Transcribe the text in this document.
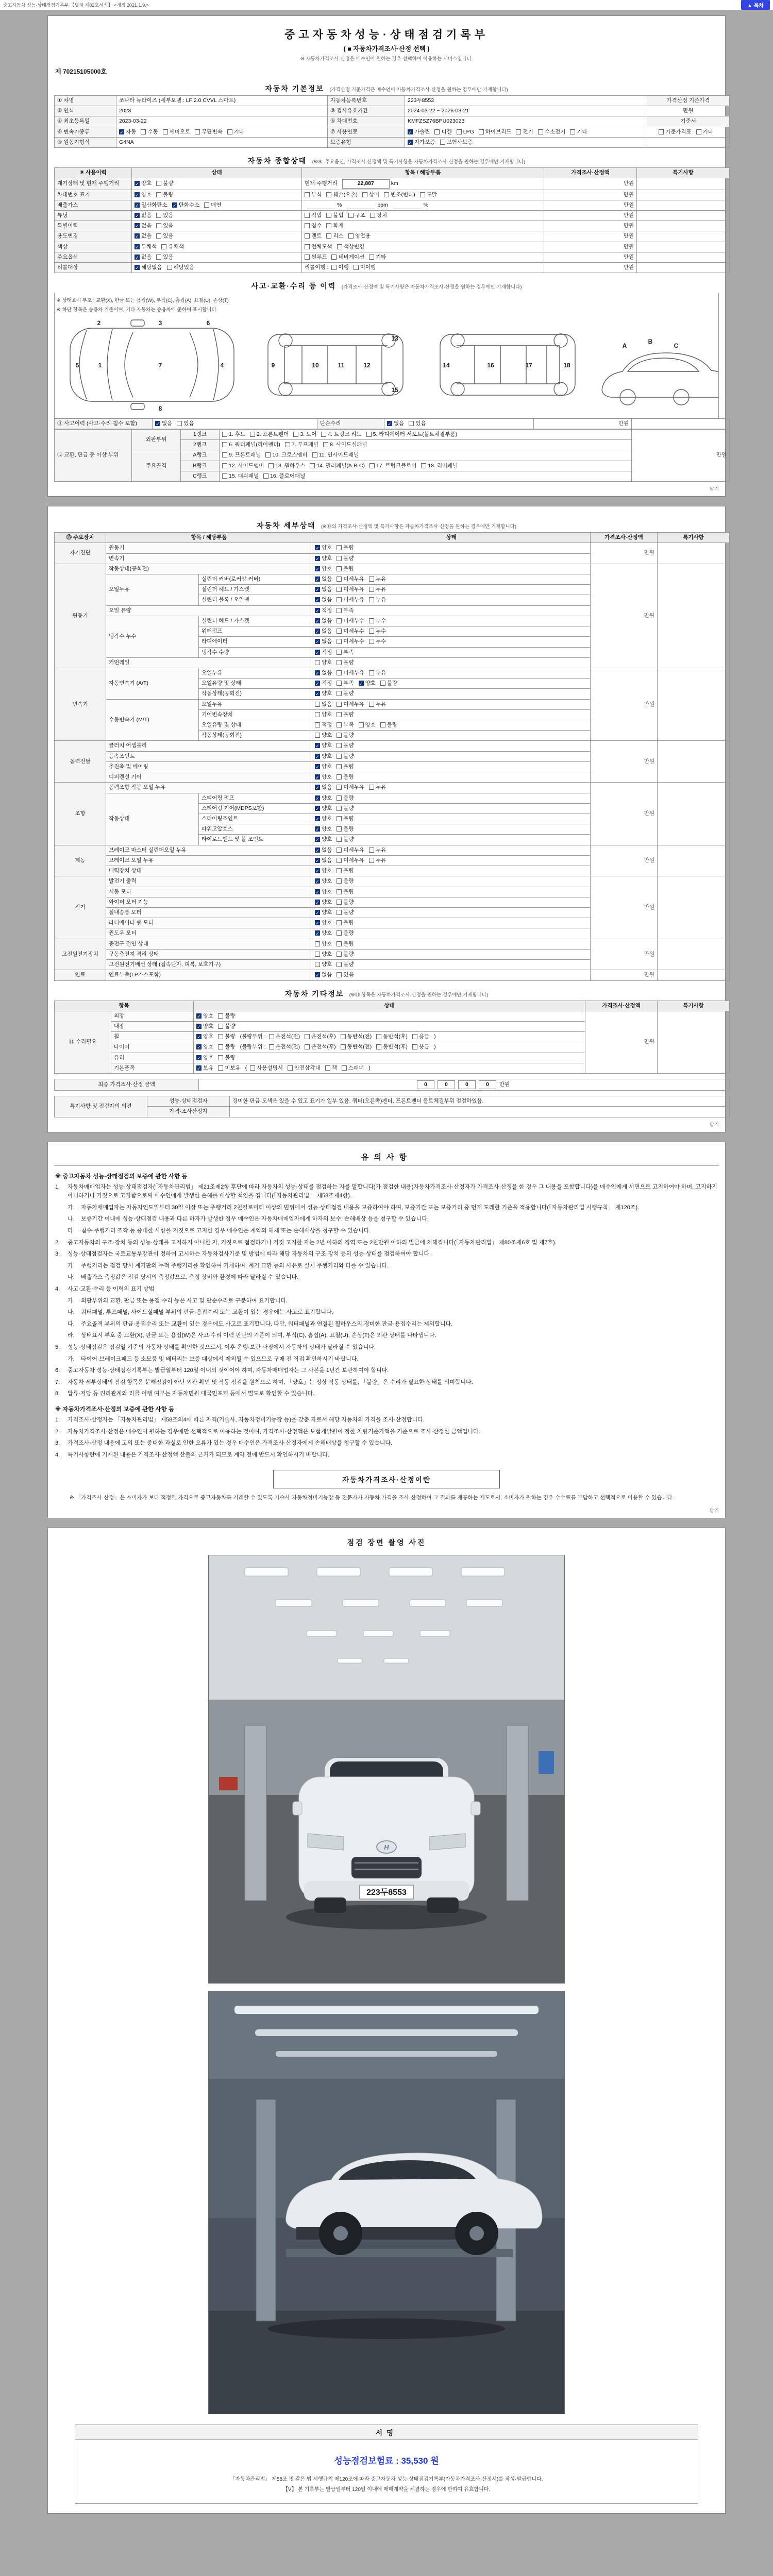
중고자동차 성능·상태점검기록부 【별지 제82호서식】 <개정 2021.1.9.>	▲ 목차
중고자동차성능·상태점검기록부
( ■ 자동차가격조사·산정 선택 )
※ 자동차가격조사·산정은 매수인이 원하는 경우 선택하여 이용하는 서비스입니다.
제 70215105000호
자동차 기본정보 (가격산정 기준가격은 매수인이 자동차가격조사·산정을 원하는 경우에만 기재합니다)
① 차명	쏘나타 뉴라이즈 (세부모델 : LF 2.0 CVVL 스마트)	자동차등록번호	223두8553	가격산정 기준가격
② 연식	2023	③ 검사유효기간	2024-03-22 ~ 2026-03-21	만원
④ 최초등록일	2023-03-22	⑤ 차대번호	KMFZSZ76BPU023023	기준서
⑥ 변속기종류	✓ 자동 수동 세미오토 무단변속 기타	⑦ 사용연료	✓ 가솔린 디젤 LPG 하이브리드 전기 수소전기 기타	기준가격표 기타
⑧ 원동기형식	G4NA	보증유형	✓ 자가보증 보험사보증	
자동차 종합상태 (※⑨, 주요옵션, 가격조사·산정액 및 특기사항은 자동차가격조사·산정을 원하는 경우에만 기재합니다)
⑨ 사용이력	상태	항목 / 해당부품	가격조사·산정액	특기사항
계기상태 및 현재 주행거리	✓ 양호 불량	현재 주행거리 22,887 km	만원	
차대번호 표기	✓ 양호 불량	부식 훼손(오손) 상이 변조(변타) 도말	만원	
배출가스	✓ 일산화탄소 ✓ 탄화수소 매연	% ppm %	만원	
튜닝	✓ 없음 있음	적법 불법 구조 장치	만원	
특별이력	✓ 없음 있음	침수 화재	만원	
용도변경	✓ 없음 있음	렌트 리스 영업용	만원	
색상	✓ 무채색 유채색	전체도색 색상변경	만원	
주요옵션	✓ 없음 있음	썬루프 네비게이션 기타	만원	
리콜대상	✓ 해당없음 해당있음	리콜이행 : 이행 미이행	만원	
사고·교환·수리 등 이력 (가격조사·산정액 및 특기사항은 자동차가격조사·산정을 원하는 경우에만 기재합니다)
※ 상태표시 부호 : 교환(X), 판금 또는 용접(W), 부식(C), 흠집(A), 요철(U), 손상(T)
※ 하단 항목은 승용차 기준이며, 기타 자동차는 승용차에 준하여 표시합니다.
5	1	7	4
2	3	6
8
9	10	11	12
13
15
14	16	17	18
A
B
C
⑪ 사고이력 (사고·수리·침수 포함)	✓ 없음 있음	단순수리	✓ 없음 있음	만원	
⑫ 교환, 판금 등 이상 부위	외판부위	1랭크	1. 후드 2. 프론트펜더 3. 도어 4. 트렁크 리드 5. 라디에이터 서포트(볼트체결부품)	만원
		2랭크	6. 쿼터패널(리어펜더) 7. 루프패널 8. 사이드실패널	
	주요골격	A랭크	9. 프론트패널 10. 크로스멤버 11. 인사이드패널	
		B랭크	12. 사이드멤버 13. 휠하우스 14. 필러패널(A·B·C) 17. 트렁크플로어 18. 리어패널	
		C랭크	15. 대쉬패널 16. 플로어패널	
닫기
자동차 세부상태 (※⑬의 가격조사·산정액 및 특기사항은 자동차가격조사·산정을 원하는 경우에만 기재합니다)
⑬ 주요장치	항목 / 해당부품		상태	가격조사·산정액	특기사항
자기진단	원동기		✓ 양호 불량	만원	
	변속기		✓ 양호 불량		
원동기	작동상태(공회전)		✓ 양호 불량	만원	
	오일누유	실린더 커버(로커암 커버)	✓ 없음 미세누유 누유		
		실린더 헤드 / 가스켓	✓ 없음 미세누유 누유		
		실린더 블록 / 오일팬	✓ 없음 미세누유 누유		
	오일 유량		✓ 적정 부족		
	냉각수 누수	실린더 헤드 / 가스켓	✓ 없음 미세누수 누수		
		워터펌프	✓ 없음 미세누수 누수		
		라디에이터	✓ 없음 미세누수 누수		
		냉각수 수량	✓ 적정 부족		
	커먼레일		양호 불량		
변속기	자동변속기 (A/T)	오일누유	✓ 없음 미세누유 누유	만원	
		오일유량 및 상태	✓ 적정 부족 ✓ 양호 불량		
		작동상태(공회전)	✓ 양호 불량		
	수동변속기 (M/T)	오일누유	없음 미세누유 누유		
		기어변속장치	양호 불량		
		오일유량 및 상태	적정 부족 양호 불량		
		작동상태(공회전)	양호 불량		
동력전달	클러치 어셈블리		✓ 양호 불량	만원	
	등속조인트		✓ 양호 불량		
	추진축 및 베어링		✓ 양호 불량		
	디퍼렌셜 기어		✓ 양호 불량		
조향	동력조향 작동 오일 누유		✓ 없음 미세누유 누유	만원	
	작동상태	스티어링 펌프	✓ 양호 불량		
		스티어링 기어(MDPS포함)	✓ 양호 불량		
		스티어링조인트	✓ 양호 불량		
		파워고압호스	✓ 양호 불량		
		타이로드엔드 및 볼 조인트	✓ 양호 불량		
제동	브레이크 마스터 실린더오일 누유		✓ 없음 미세누유 누유	만원	
	브레이크 오일 누유		✓ 없음 미세누유 누유		
	배력장치 상태		✓ 양호 불량		
전기	발전기 출력		✓ 양호 불량	만원	
	시동 모터		✓ 양호 불량		
	와이퍼 모터 기능		✓ 양호 불량		
	실내송풍 모터		✓ 양호 불량		
	라디에이터 팬 모터		✓ 양호 불량		
	윈도우 모터		✓ 양호 불량		
고전원전기장치	충전구 절연 상태		양호 불량	만원	
	구동축전지 격리 상태		양호 불량		
	고전원전기배선 상태 (접속단자, 피복, 보호기구)		양호 불량		
연료	연료누출(LP가스포함)		✓ 없음 있음	만원	
자동차 기타정보 (※⑭ 항목은 자동차가격조사·산정을 원하는 경우에만 기재합니다)
항목		상태	가격조사·산정액	특기사항
⑭ 수리필요	외장	✓ 양호 불량	만원	
	내장	✓ 양호 불량		
	휠	✓ 양호 불량 (불량부위 : 운전석(전) 운전석(후) 동반석(전) 동반석(후) 응급 )		
	타이어	✓ 양호 불량 (불량부위 : 운전석(전) 운전석(후) 동반석(전) 동반석(후) 응급 )		
	유리	✓ 양호 불량		
	기본품목	✓ 보유 미보유 ( 사용설명서 안전삼각대 잭 스패너 )		
최종 가격조사·산정 금액	0	0	0	0 만원
특기사항 및 점검자의 의견	성능·상태점검자	경미한 판금·도색은 있을 수 있고 표기가 일부 있음. 쿼터(오른쪽)펜더, 프론트펜더 볼트체결부위 점검하였음.
	가격·조사산정자	
닫기
유의사항
※ 중고자동차 성능·상태점검의 보증에 관한 사항 등
1.	자동차매매업자는 성능·상태점검자(「자동차관리법」 제21조제2항 후단에 따라 자동차의 성능·상태를 점검하는 자를 말합니다)가 점검한 내용(자동차가격조사·산정자가 가격조사·산정을 한 경우 그 내용을 포함합니다)을 매수인에게 서면으로 고지하여야 하며, 고지하지 아니하거나 거짓으로 고지함으로써 매수인에게 발생한 손해를 배상할 책임을 집니다(「자동차관리법」 제58조제4항).
가.	자동차매매업자는 자동차인도일부터 30일 이상 또는 주행거리 2천킬로미터 이상의 범위에서 성능·상태점검 내용을 보증하여야 하며, 보증기간 또는 보증거리 중 먼저 도래한 기준을 적용합니다(「자동차관리법 시행규칙」 제120조).
나.	보증기간 이내에 성능·상태점검 내용과 다른 하자가 발생한 경우 매수인은 자동차매매업자에게 하자의 보수, 손해배상 등을 청구할 수 있습니다.
다.	침수·주행거리 조작 등 중대한 사항을 거짓으로 고지한 경우 매수인은 계약의 해제 또는 손해배상을 청구할 수 있습니다.
2.	중고자동차의 구조·장치 등의 성능·상태를 고지하지 아니한 자, 거짓으로 점검하거나 거짓 고지한 자는 2년 이하의 징역 또는 2천만원 이하의 벌금에 처해집니다(「자동차관리법」 제80조제6호 및 제7호).
3.	성능·상태점검자는 국토교통부장관이 정하여 고시하는 자동차검사기준 및 방법에 따라 해당 자동차의 구조·장치 등의 성능·상태를 점검하여야 합니다.
가.	주행거리는 점검 당시 계기판의 누적 주행거리를 확인하여 기재하며, 계기 교환 등의 사유로 실제 주행거리와 다를 수 있습니다.
나.	배출가스 측정값은 점검 당시의 측정값으로, 측정 장비와 환경에 따라 달라질 수 있습니다.
4.	사고·교환·수리 등 이력의 표기 방법
가.	외판부위의 교환, 판금 또는 용접 수리 등은 사고 및 단순수리로 구분하여 표기합니다.
나.	쿼터패널, 루프패널, 사이드실패널 부위의 판금·용접수리 또는 교환이 있는 경우에는 사고로 표기합니다.
다.	주요골격 부위의 판금·용접수리 또는 교환이 있는 경우에도 사고로 표기합니다. 다만, 쿼터패널과 연결된 휠하우스의 경미한 판금·용접수리는 제외합니다.
라.	상태표시 부호 중 교환(X), 판금 또는 용접(W)은 사고·수리 이력 판단의 기준이 되며, 부식(C), 흠집(A), 요철(U), 손상(T)은 외관 상태를 나타냅니다.
5.	성능·상태점검은 점검일 기준의 자동차 상태를 확인한 것으로서, 이후 운행·보관 과정에서 자동차의 상태가 달라질 수 있습니다.
가.	타이어·브레이크패드 등 소모품 및 배터리는 보증 대상에서 제외될 수 있으므로 구매 전 직접 확인하시기 바랍니다.
6.	중고자동차 성능·상태점검기록부는 발급일부터 120일 이내의 것이어야 하며, 자동차매매업자는 그 사본을 1년간 보관하여야 합니다.
7.	자동차 세부상태의 점검 항목은 분해점검이 아닌 외관 확인 및 작동 점검을 원칙으로 하며, 「양호」는 정상 작동 상태를, 「불량」은 수리가 필요한 상태를 의미합니다.
8.	압류·저당 등 권리관계와 리콜 이행 여부는 자동차민원 대국민포털 등에서 별도로 확인할 수 있습니다.
※ 자동차가격조사·산정의 보증에 관한 사항 등
1.	가격조사·산정자는 「자동차관리법」 제58조의4에 따른 자격(기술사, 자동차정비기능장 등)을 갖춘 자로서 해당 자동차의 가격을 조사·산정합니다.
2.	자동차가격조사·산정은 매수인이 원하는 경우에만 선택적으로 이용하는 것이며, 가격조사·산정액은 보험개발원이 정한 차량기준가액을 기준으로 조사·산정한 금액입니다.
3.	가격조사·산정 내용에 고의 또는 중대한 과실로 인한 오류가 있는 경우 매수인은 가격조사·산정자에게 손해배상을 청구할 수 있습니다.
4.	특기사항란에 기재된 내용은 가격조사·산정액 산출의 근거가 되므로 계약 전에 반드시 확인하시기 바랍니다.
자동차가격조사·산정이란
※ 「가격조사·산정」은 소비자가 보다 적정한 가격으로 중고자동차를 거래할 수 있도록 기술사·자동차정비기능장 등 전문가가 자동차 가격을 조사·산정하여 그 결과를 제공하는 제도로서, 소비자가 원하는 경우 수수료를 부담하고 선택적으로 이용할 수 있습니다.
닫기
점검 장면 촬영 사진
H
223두8553
서명
성능점검보험료 : 35,530 원
「자동차관리법」 제58조 및 같은 법 시행규칙 제120조에 따라 중고자동차 성능·상태점검기록부(자동차가격조사·산정서)를 작성·발급합니다.
【V】 본 기록부는 발급일부터 120일 이내에 매매계약을 체결하는 경우에 한하여 유효합니다.
